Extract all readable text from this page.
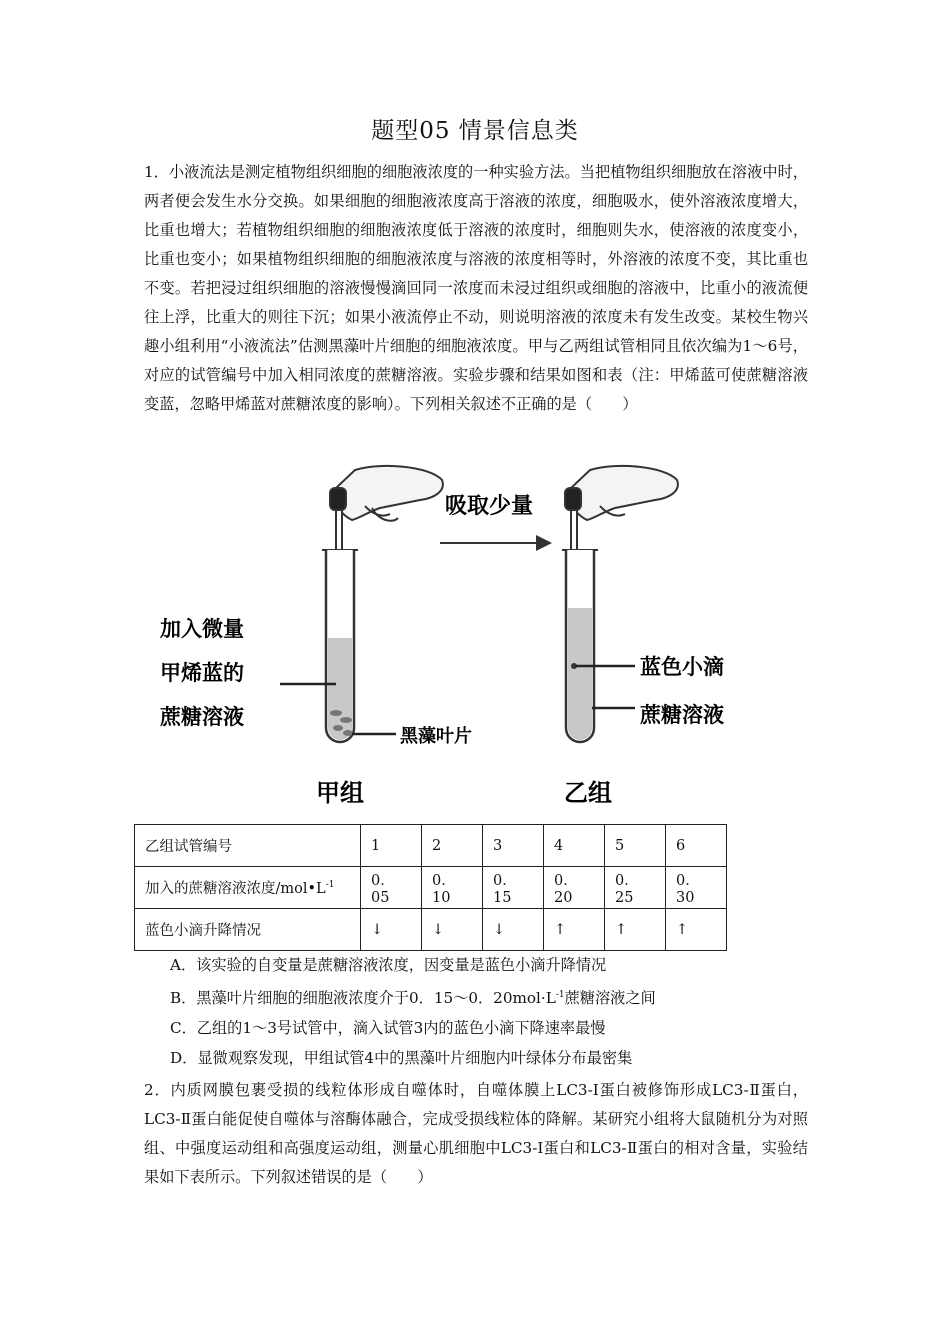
题型05 情景信息类
1．小液流法是测定植物组织细胞的细胞液浓度的一种实验方法。当把植物组织细胞放在溶液中时，两者便会发生水分交换。如果细胞的细胞液浓度高于溶液的浓度，细胞吸水，使外溶液浓度增大，比重也增大；若植物组织细胞的细胞液浓度低于溶液的浓度时，细胞则失水，使溶液的浓度变小，比重也变小；如果植物组织细胞的细胞液浓度与溶液的浓度相等时，外溶液的浓度不变，其比重也不变。若把浸过组织细胞的溶液慢慢滴回同一浓度而未浸过组织或细胞的溶液中，比重小的液流便往上浮，比重大的则往下沉；如果小液流停止不动，则说明溶液的浓度未有发生改变。某校生物兴趣小组利用“小液流法”估测黑藻叶片细胞的细胞液浓度。甲与乙两组试管相同且依次编为1～6号，对应的试管编号中加入相同浓度的蔗糖溶液。实验步骤和结果如图和表（注：甲烯蓝可使蔗糖溶液变蓝，忽略甲烯蓝对蔗糖浓度的影响）。下列相关叙述不正确的是（　　）
吸取少量
加入微量
甲烯蓝的
蔗糖溶液
黑藻叶片
蓝色小滴
蔗糖溶液
甲组	乙组
乙组试管编号	1	2	3	4	5	6
加入的蔗糖溶液浓度$/mol•L^{-1}$	0．05	0．10	0．15	0．20	0．25	0．30
蓝色小滴升降情况	↓	↓	↓	↑	↑	↑
A．该实验的自变量是蔗糖溶液浓度，因变量是蓝色小滴升降情况
B．黑藻叶片细胞的细胞液浓度介于0．15～0．$20mol\cdot L^{-1}$蔗糖溶液之间
C．乙组的1～3号试管中，滴入试管3内的蓝色小滴下降速率最慢
D．显微观察发现，甲组试管4中的黑藻叶片细胞内叶绿体分布最密集
2．内质网膜包裹受损的线粒体形成自噬体时，自噬体膜上LC3-I蛋白被修饰形成LC3-Ⅱ蛋白，LC3-Ⅱ蛋白能促使自噬体与溶酶体融合，完成受损线粒体的降解。某研究小组将大鼠随机分为对照组、中强度运动组和高强度运动组，测量心肌细胞中LC3-I蛋白和LC3-Ⅱ蛋白的相对含量，实验结果如下表所示。下列叙述错误的是（　　）
